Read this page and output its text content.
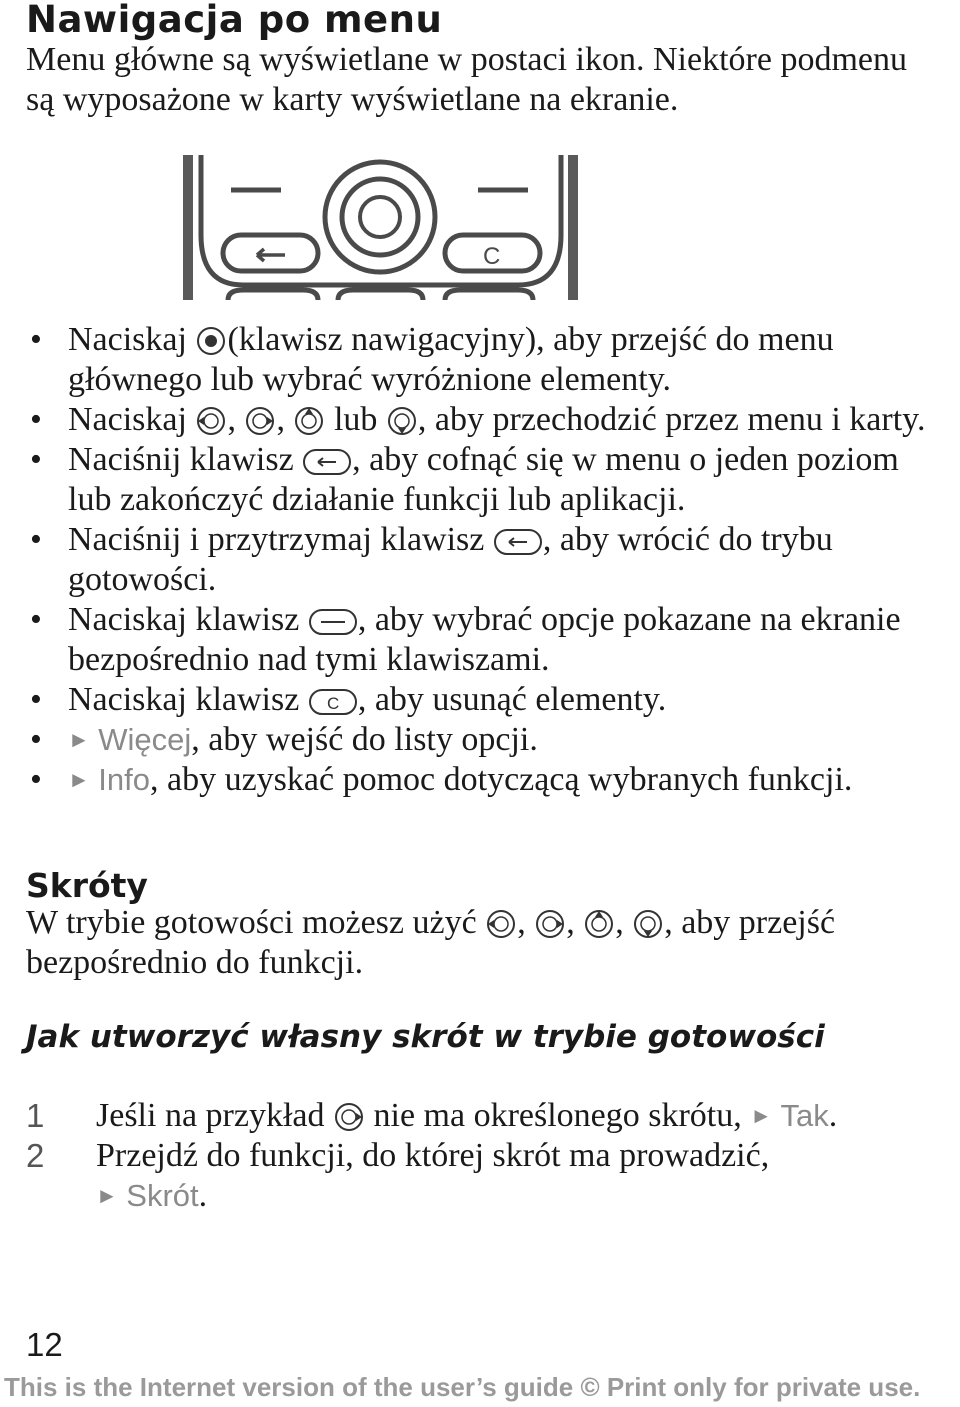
Nawigacja po menu

Menu główne są wyświetlane w postaci ikon. Niektóre podmenu są wyposażone w karty wyświetlane na ekranie.

C
• Naciskaj (klawisz nawigacyjny), aby przejść do menu głównego lub wybrać wyróżnione elementy.
• Naciskaj , ,  lub , aby przechodzić przez menu i karty.
• Naciśnij klawisz , aby cofnąć się w menu o jeden poziom lub zakończyć działanie funkcji lub aplikacji.
• Naciśnij i przytrzymaj klawisz , aby wrócić do trybu gotowości.
• Naciskaj klawisz , aby wybrać opcje pokazane na ekranie bezpośrednio nad tymi klawiszami.
• Naciskaj klawisz C , aby usunąć elementy.
• ► Więcej, aby wejść do listy opcji.
• ► Info, aby uzyskać pomoc dotyczącą wybranych funkcji.
Skróty

W trybie gotowości możesz użyć , , , , aby przejść bezpośrednio do funkcji.

Jak utworzyć własny skrót w trybie gotowości
1 Jeśli na przykład  nie ma określonego skrótu, ► Tak.
2 Przejdź do funkcji, do której skrót ma prowadzić,
► Skrót.
12
This is the Internet version of the user’s guide © Print only for private use.
